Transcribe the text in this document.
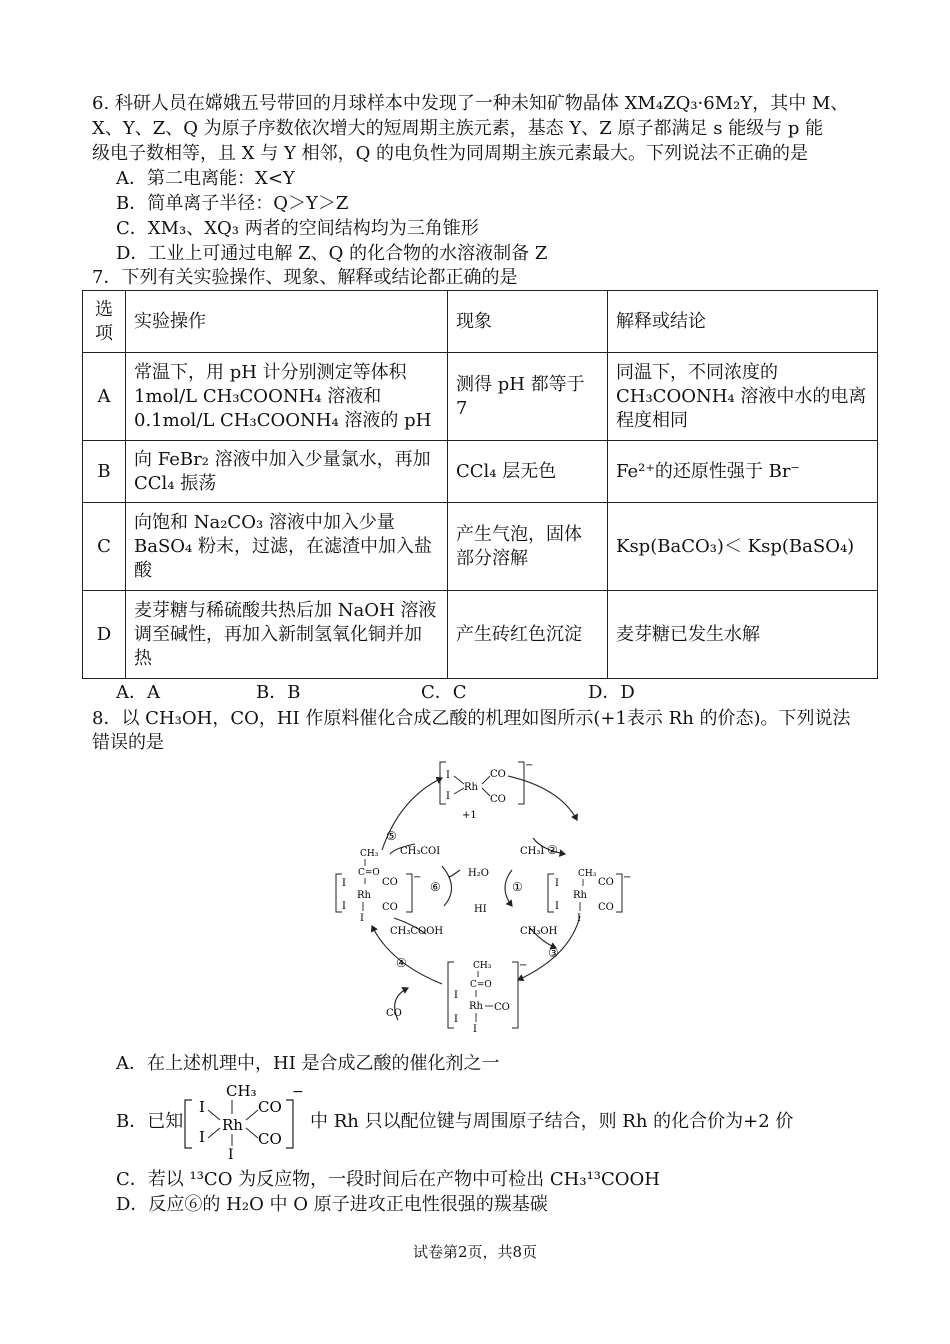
6. 科研人员在嫦娥五号带回的月球样本中发现了一种未知矿物晶体 XM₄ZQ₃·6M₂Y，其中 M、
X、Y、Z、Q 为原子序数依次增大的短周期主族元素，基态 Y、Z 原子都满足 s 能级与 p 能
级电子数相等，且 X 与 Y 相邻，Q 的电负性为同周期主族元素最大。下列说法不正确的是
A．第二电离能：X<Y
B．简单离子半径：Q＞Y＞Z
C．XM₃、XQ₃ 两者的空间结构均为三角锥形
D．工业上可通过电解 Z、Q 的化合物的水溶液制备 Z
7．下列有关实验操作、现象、解释或结论都正确的是
选项	实验操作	现象	解释或结论
A	常温下，用 pH 计分别测定等体积 1mol/L CH₃COONH₄ 溶液和 0.1mol/L CH₃COONH₄ 溶液的 pH	测得 pH 都等于 7	同温下，不同浓度的 CH₃COONH₄ 溶液中水的电离程度相同
B	向 FeBr₂ 溶液中加入少量氯水，再加 CCl₄ 振荡	CCl₄ 层无色	Fe²⁺的还原性强于 Br⁻
C	向饱和 Na₂CO₃ 溶液中加入少量 BaSO₄ 粉末，过滤，在滤渣中加入盐酸	产生气泡，固体部分溶解	Ksp(BaCO₃)＜ Ksp(BaSO₄)
D	麦芽糖与稀硫酸共热后加 NaOH 溶液调至碱性，再加入新制氢氧化铜并加热	产生砖红色沉淀	麦芽糖已发生水解
A．A	B．B	C．C	D．D
8．以 CH₃OH，CO，HI 作原料催化合成乙酸的机理如图所示(+1表示 Rh 的价态)。下列说法
错误的是
I
I
Rh
CO
CO
−
+1
CH₃
I
I
Rh
CO
CO
I
−
CH₃
C=O
I
I
Rh
CO
CO
I
−
CH₃
C=O
I
I
Rh CO
I
−
CH₃I
CH₃COI
H₂O
HI
CH₃OH
CH₃COOH
CO
①
②
③
④
⑤
⑥
A．在上述机理中，HI 是合成乙酸的催化剂之一
B．已知
CH₃
I
I
Rh
CO
CO
I
−
中 Rh 只以配位键与周围原子结合，则 Rh 的化合价为+2 价
C．若以 ¹³CO 为反应物，一段时间后在产物中可检出 CH₃¹³COOH
D．反应⑥的 H₂O 中 O 原子进攻正电性很强的羰基碳
试卷第2页，共8页
